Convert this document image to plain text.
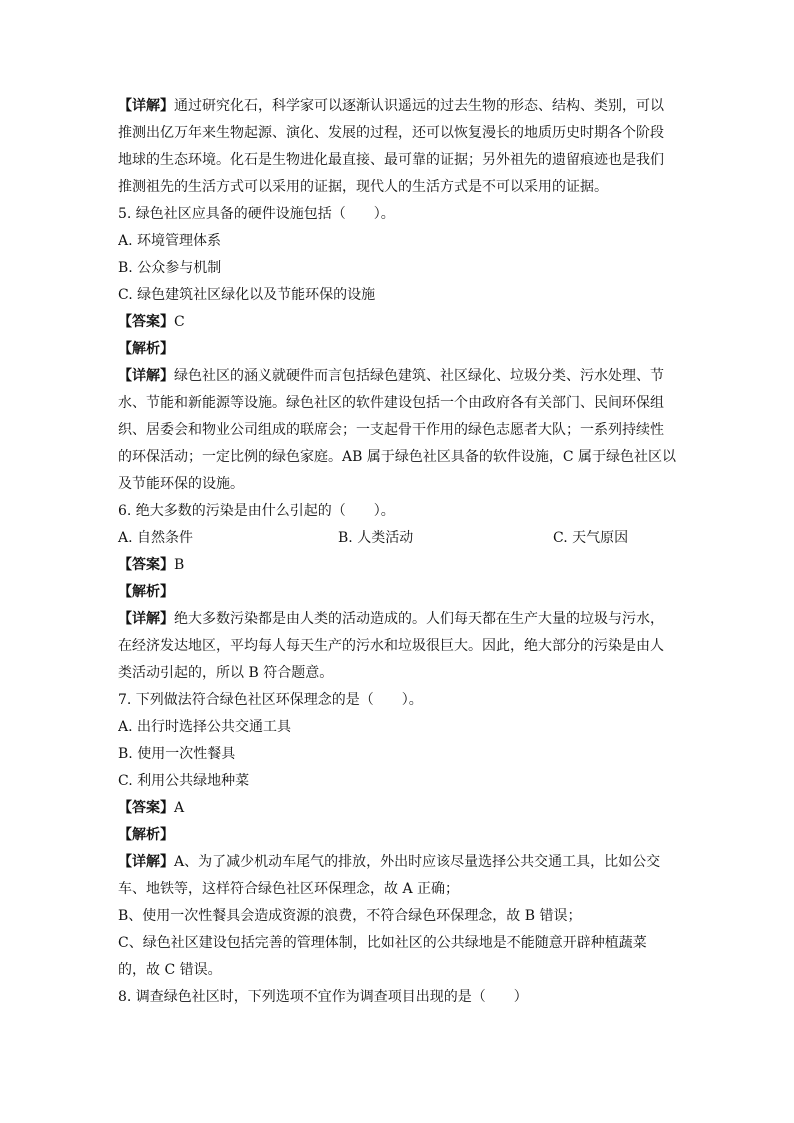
【详解】通过研究化石，科学家可以逐渐认识遥远的过去生物的形态、结构、类别，可以
推测出亿万年来生物起源、演化、发展的过程，还可以恢复漫长的地质历史时期各个阶段
地球的生态环境。化石是生物进化最直接、最可靠的证据；另外祖先的遗留痕迹也是我们
推测祖先的生活方式可以采用的证据，现代人的生活方式是不可以采用的证据。
5. 绿色社区应具备的硬件设施包括（　　）。
A. 环境管理体系
B. 公众参与机制
C. 绿色建筑社区绿化以及节能环保的设施
【答案】C
【解析】
【详解】绿色社区的涵义就硬件而言包括绿色建筑、社区绿化、垃圾分类、污水处理、节
水、节能和新能源等设施。绿色社区的软件建设包括一个由政府各有关部门、民间环保组
织、居委会和物业公司组成的联席会；一支起骨干作用的绿色志愿者大队；一系列持续性
的环保活动；一定比例的绿色家庭。AB 属于绿色社区具备的软件设施，C 属于绿色社区以
及节能环保的设施。
6. 绝大多数的污染是由什么引起的（　　）。
A. 自然条件	B. 人类活动	C. 天气原因
【答案】B
【解析】
【详解】绝大多数污染都是由人类的活动造成的。人们每天都在生产大量的垃圾与污水，
在经济发达地区，平均每人每天生产的污水和垃圾很巨大。因此，绝大部分的污染是由人
类活动引起的，所以 B 符合题意。
7. 下列做法符合绿色社区环保理念的是（　　）。
A. 出行时选择公共交通工具
B. 使用一次性餐具
C. 利用公共绿地种菜
【答案】A
【解析】
【详解】A、为了减少机动车尾气的排放，外出时应该尽量选择公共交通工具，比如公交
车、地铁等，这样符合绿色社区环保理念，故 A 正确；
B、使用一次性餐具会造成资源的浪费，不符合绿色环保理念，故 B 错误；
C、绿色社区建设包括完善的管理体制，比如社区的公共绿地是不能随意开辟种植蔬菜
的，故 C 错误。
8. 调查绿色社区时，下列选项不宜作为调查项目出现的是（　　）
